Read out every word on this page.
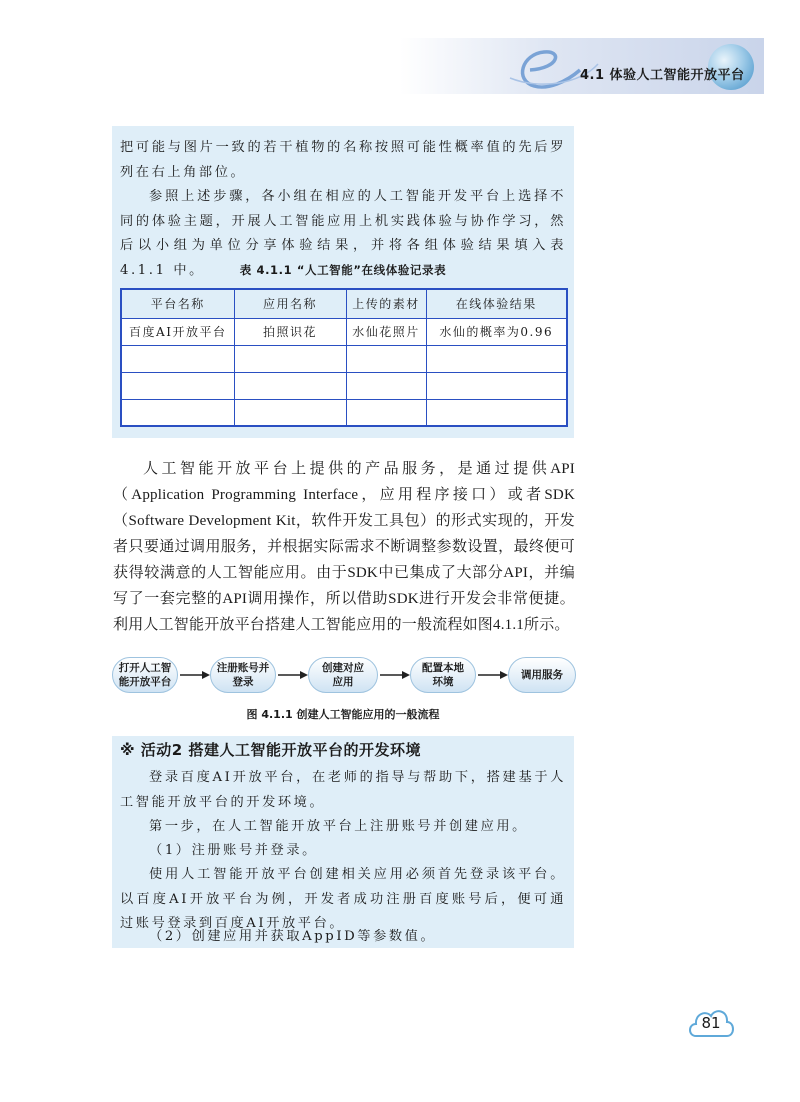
4.1 体验人工智能开放平台

把可能与图片一致的若干植物的名称按照可能性概率值的先后罗列在右上角部位。

参照上述步骤，各小组在相应的人工智能开发平台上选择不同的体验主题，开展人工智能应用上机实践体验与协作学习，然后以小组为单位分享体验结果，并将各组体验结果填入表 4.1.1 中。	表 4.1.1 “人工智能”在线体验记录表
平台名称	应用名称	上传的素材	在线体验结果
百度AI开放平台	拍照识花	水仙花照片	水仙的概率为0.96

人工智能开放平台上提供的产品服务，是通过提供API（Application Programming Interface，应用程序接口）或者SDK（Software Development Kit，软件开发工具包）的形式实现的，开发者只要通过调用服务，并根据实际需求不断调整参数设置，最终便可获得较满意的人工智能应用。由于SDK中已集成了大部分API，并编写了一套完整的API调用操作，所以借助SDK进行开发会非常便捷。利用人工智能开放平台搭建人工智能应用的一般流程如图4.1.1所示。

打开人工智
能开放平台
注册账号并
登录
创建对应
应用
配置本地
环境
调用服务
图 4.1.1 创建人工智能应用的一般流程
※ 活动2 搭建人工智能开放平台的开发环境

登录百度AI开放平台，在老师的指导与帮助下，搭建基于人工智能开放平台的开发环境。

第一步，在人工智能开放平台上注册账号并创建应用。

（1）注册账号并登录。

使用人工智能开放平台创建相关应用必须首先登录该平台。以百度AI开放平台为例，开发者成功注册百度账号后，便可通过账号登录到百度AI开放平台。

（2）创建应用并获取AppID等参数值。

81
